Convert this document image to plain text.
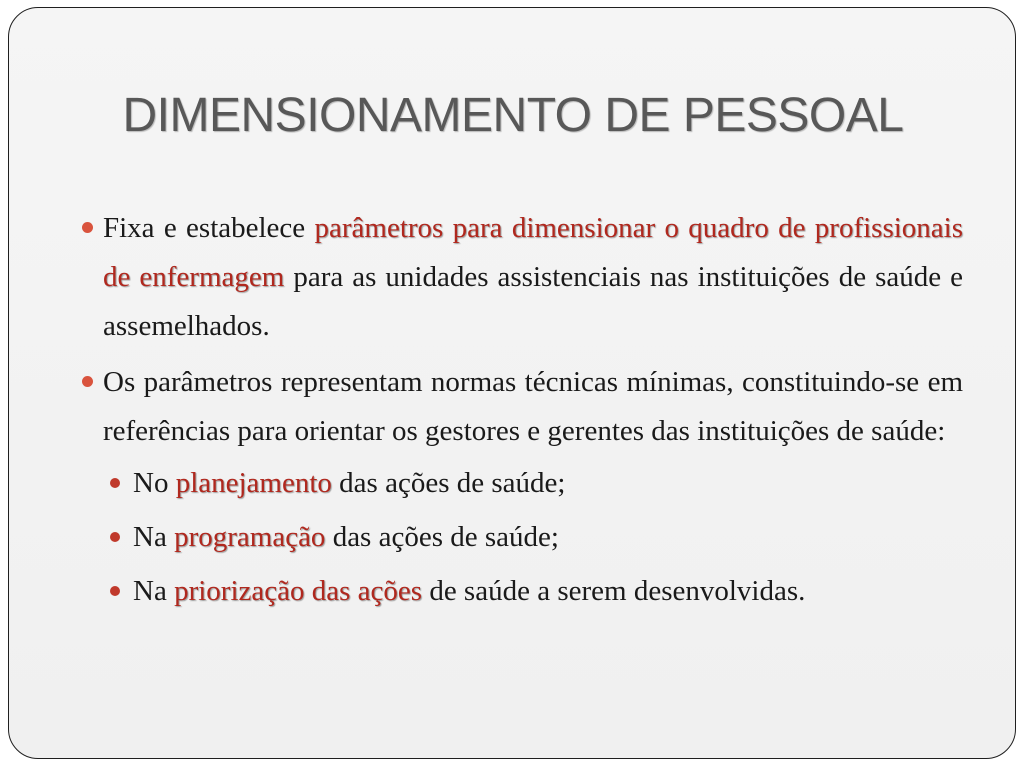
DIMENSIONAMENTO DE PESSOAL
Fixa e estabelece parâmetros para dimensionar o quadro de profissionais de enfermagem para as unidades assistenciais nas instituições de saúde e assemelhados.
Os parâmetros representam normas técnicas mínimas, constituindo-se em referências para orientar os gestores e gerentes das instituições de saúde:
No planejamento das ações de saúde;
Na programação das ações de saúde;
Na priorização das ações de saúde a serem desenvolvidas.
